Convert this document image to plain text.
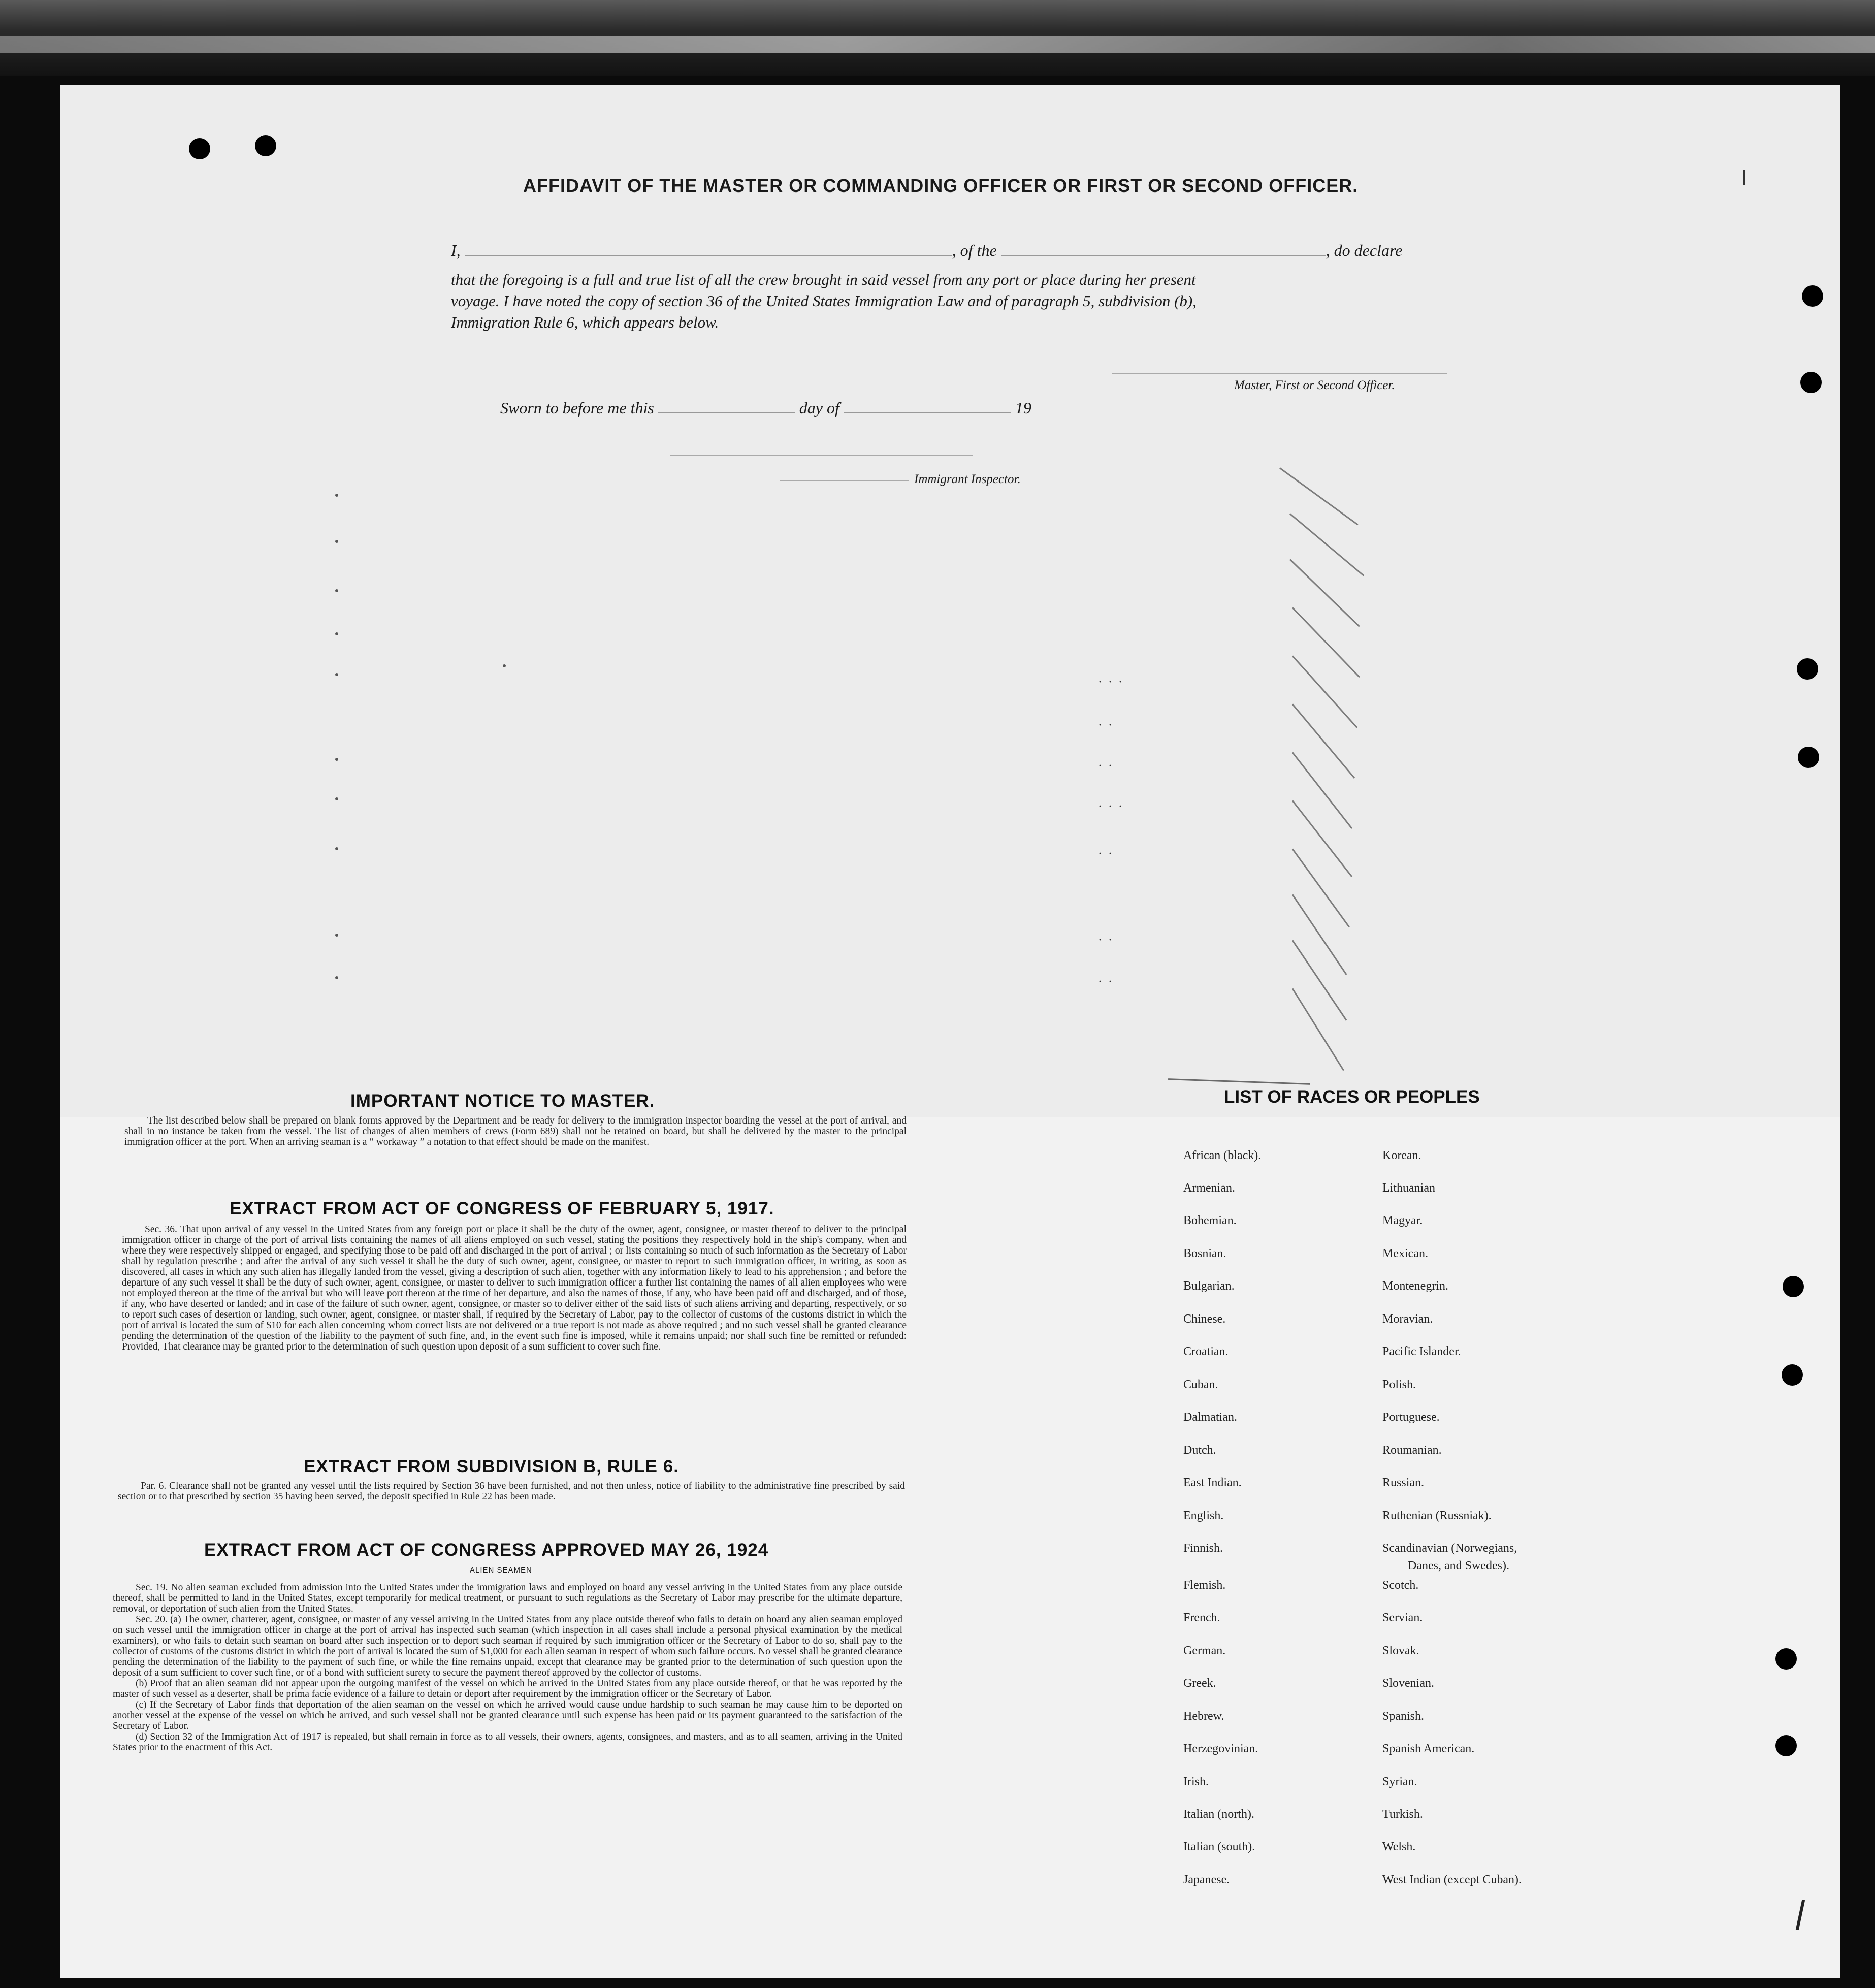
AFFIDAVIT OF THE MASTER OR COMMANDING OFFICER OR FIRST OR SECOND OFFICER.
I,	, of the	, do declare
that the foregoing is a full and true list of all the crew brought in said vessel from any port or place during her present
voyage. I have noted the copy of section 36 of the United States Immigration Law and of paragraph 5, subdivision (b),
Immigration Rule 6, which appears below.
Master, First or Second Officer.
Sworn to before me this	day of	19
Immigrant Inspector.
···
··
··
···
··
··
··
IMPORTANT NOTICE TO MASTER.

The list described below shall be prepared on blank forms approved by the Department and be ready for delivery to the immigration inspector boarding the vessel at the port of arrival, and shall in no instance be taken from the vessel. The list of changes of alien members of crews (Form 689) shall not be retained on board, but shall be delivered by the master to the principal immigration officer at the port. When an arriving seaman is a “ workaway ” a notation to that effect should be made on the manifest.

EXTRACT FROM ACT OF CONGRESS OF FEBRUARY 5, 1917.

Sec. 36. That upon arrival of any vessel in the United States from any foreign port or place it shall be the duty of the owner, agent, consignee, or master thereof to deliver to the principal immigration officer in charge of the port of arrival lists containing the names of all aliens employed on such vessel, stating the positions they respectively hold in the ship's company, when and where they were respectively shipped or engaged, and specifying those to be paid off and discharged in the port of arrival ; or lists containing so much of such information as the Secretary of Labor shall by regulation prescribe ; and after the arrival of any such vessel it shall be the duty of such owner, agent, consignee, or master to report to such immigration officer, in writing, as soon as discovered, all cases in which any such alien has illegally landed from the vessel, giving a description of such alien, together with any information likely to lead to his apprehension ; and before the departure of any such vessel it shall be the duty of such owner, agent, consignee, or master to deliver to such immigration officer a further list containing the names of all alien employees who were not employed thereon at the time of the arrival but who will leave port thereon at the time of her departure, and also the names of those, if any, who have been paid off and discharged, and of those, if any, who have deserted or landed; and in case of the failure of such owner, agent, consignee, or master so to deliver either of the said lists of such aliens arriving and departing, respectively, or so to report such cases of desertion or landing, such owner, agent, consignee, or master shall, if required by the Secretary of Labor, pay to the collector of customs of the customs district in which the port of arrival is located the sum of $10 for each alien concerning whom correct lists are not delivered or a true report is not made as above required ; and no such vessel shall be granted clearance pending the determination of the question of the liability to the payment of such fine, and, in the event such fine is imposed, while it remains unpaid; nor shall such fine be remitted or refunded: Provided, That clearance may be granted prior to the determination of such question upon deposit of a sum sufficient to cover such fine.

EXTRACT FROM SUBDIVISION B, RULE 6.

Par. 6. Clearance shall not be granted any vessel until the lists required by Section 36 have been furnished, and not then unless, notice of liability to the administrative fine prescribed by said section or to that prescribed by section 35 having been served, the deposit specified in Rule 22 has been made.

EXTRACT FROM ACT OF CONGRESS APPROVED MAY 26, 1924
ALIEN SEAMEN

Sec. 19. No alien seaman excluded from admission into the United States under the immigration laws and employed on board any vessel arriving in the United States from any place outside thereof, shall be permitted to land in the United States, except temporarily for medical treatment, or pursuant to such regulations as the Secretary of Labor may prescribe for the ultimate departure, removal, or deportation of such alien from the United States.

Sec. 20. (a) The owner, charterer, agent, consignee, or master of any vessel arriving in the United States from any place outside thereof who fails to detain on board any alien seaman employed on such vessel until the immigration officer in charge at the port of arrival has inspected such seaman (which inspection in all cases shall include a personal physical examination by the medical examiners), or who fails to detain such seaman on board after such inspection or to deport such seaman if required by such immigration officer or the Secretary of Labor to do so, shall pay to the collector of customs of the customs district in which the port of arrival is located the sum of $1,000 for each alien seaman in respect of whom such failure occurs. No vessel shall be granted clearance pending the determination of the liability to the payment of such fine, or while the fine remains unpaid, except that clearance may be granted prior to the determination of such question upon the deposit of a sum sufficient to cover such fine, or of a bond with sufficient surety to secure the payment thereof approved by the collector of customs.

(b) Proof that an alien seaman did not appear upon the outgoing manifest of the vessel on which he arrived in the United States from any place outside thereof, or that he was reported by the master of such vessel as a deserter, shall be prima facie evidence of a failure to detain or deport after requirement by the immigration officer or the Secretary of Labor.

(c) If the Secretary of Labor finds that deportation of the alien seaman on the vessel on which he arrived would cause undue hardship to such seaman he may cause him to be deported on another vessel at the expense of the vessel on which he arrived, and such vessel shall not be granted clearance until such expense has been paid or its payment guaranteed to the satisfaction of the Secretary of Labor.

(d) Section 32 of the Immigration Act of 1917 is repealed, but shall remain in force as to all vessels, their owners, agents, consignees, and masters, and as to all seamen, arriving in the United States prior to the enactment of this Act.

LIST OF RACES OR PEOPLES
African (black).
Armenian.
Bohemian.
Bosnian.
Bulgarian.
Chinese.
Croatian.
Cuban.
Dalmatian.
Dutch.
East Indian.
English.
Finnish.
Flemish.
French.
German.
Greek.
Hebrew.
Herzegovinian.
Irish.
Italian (north).
Italian (south).
Japanese.
Korean.
Lithuanian
Magyar.
Mexican.
Montenegrin.
Moravian.
Pacific Islander.
Polish.
Portuguese.
Roumanian.
Russian.
Ruthenian (Russniak).
Scandinavian (Norwegians,
Danes, and Swedes).
Scotch.
Servian.
Slovak.
Slovenian.
Spanish.
Spanish American.
Syrian.
Turkish.
Welsh.
West Indian (except Cuban).
